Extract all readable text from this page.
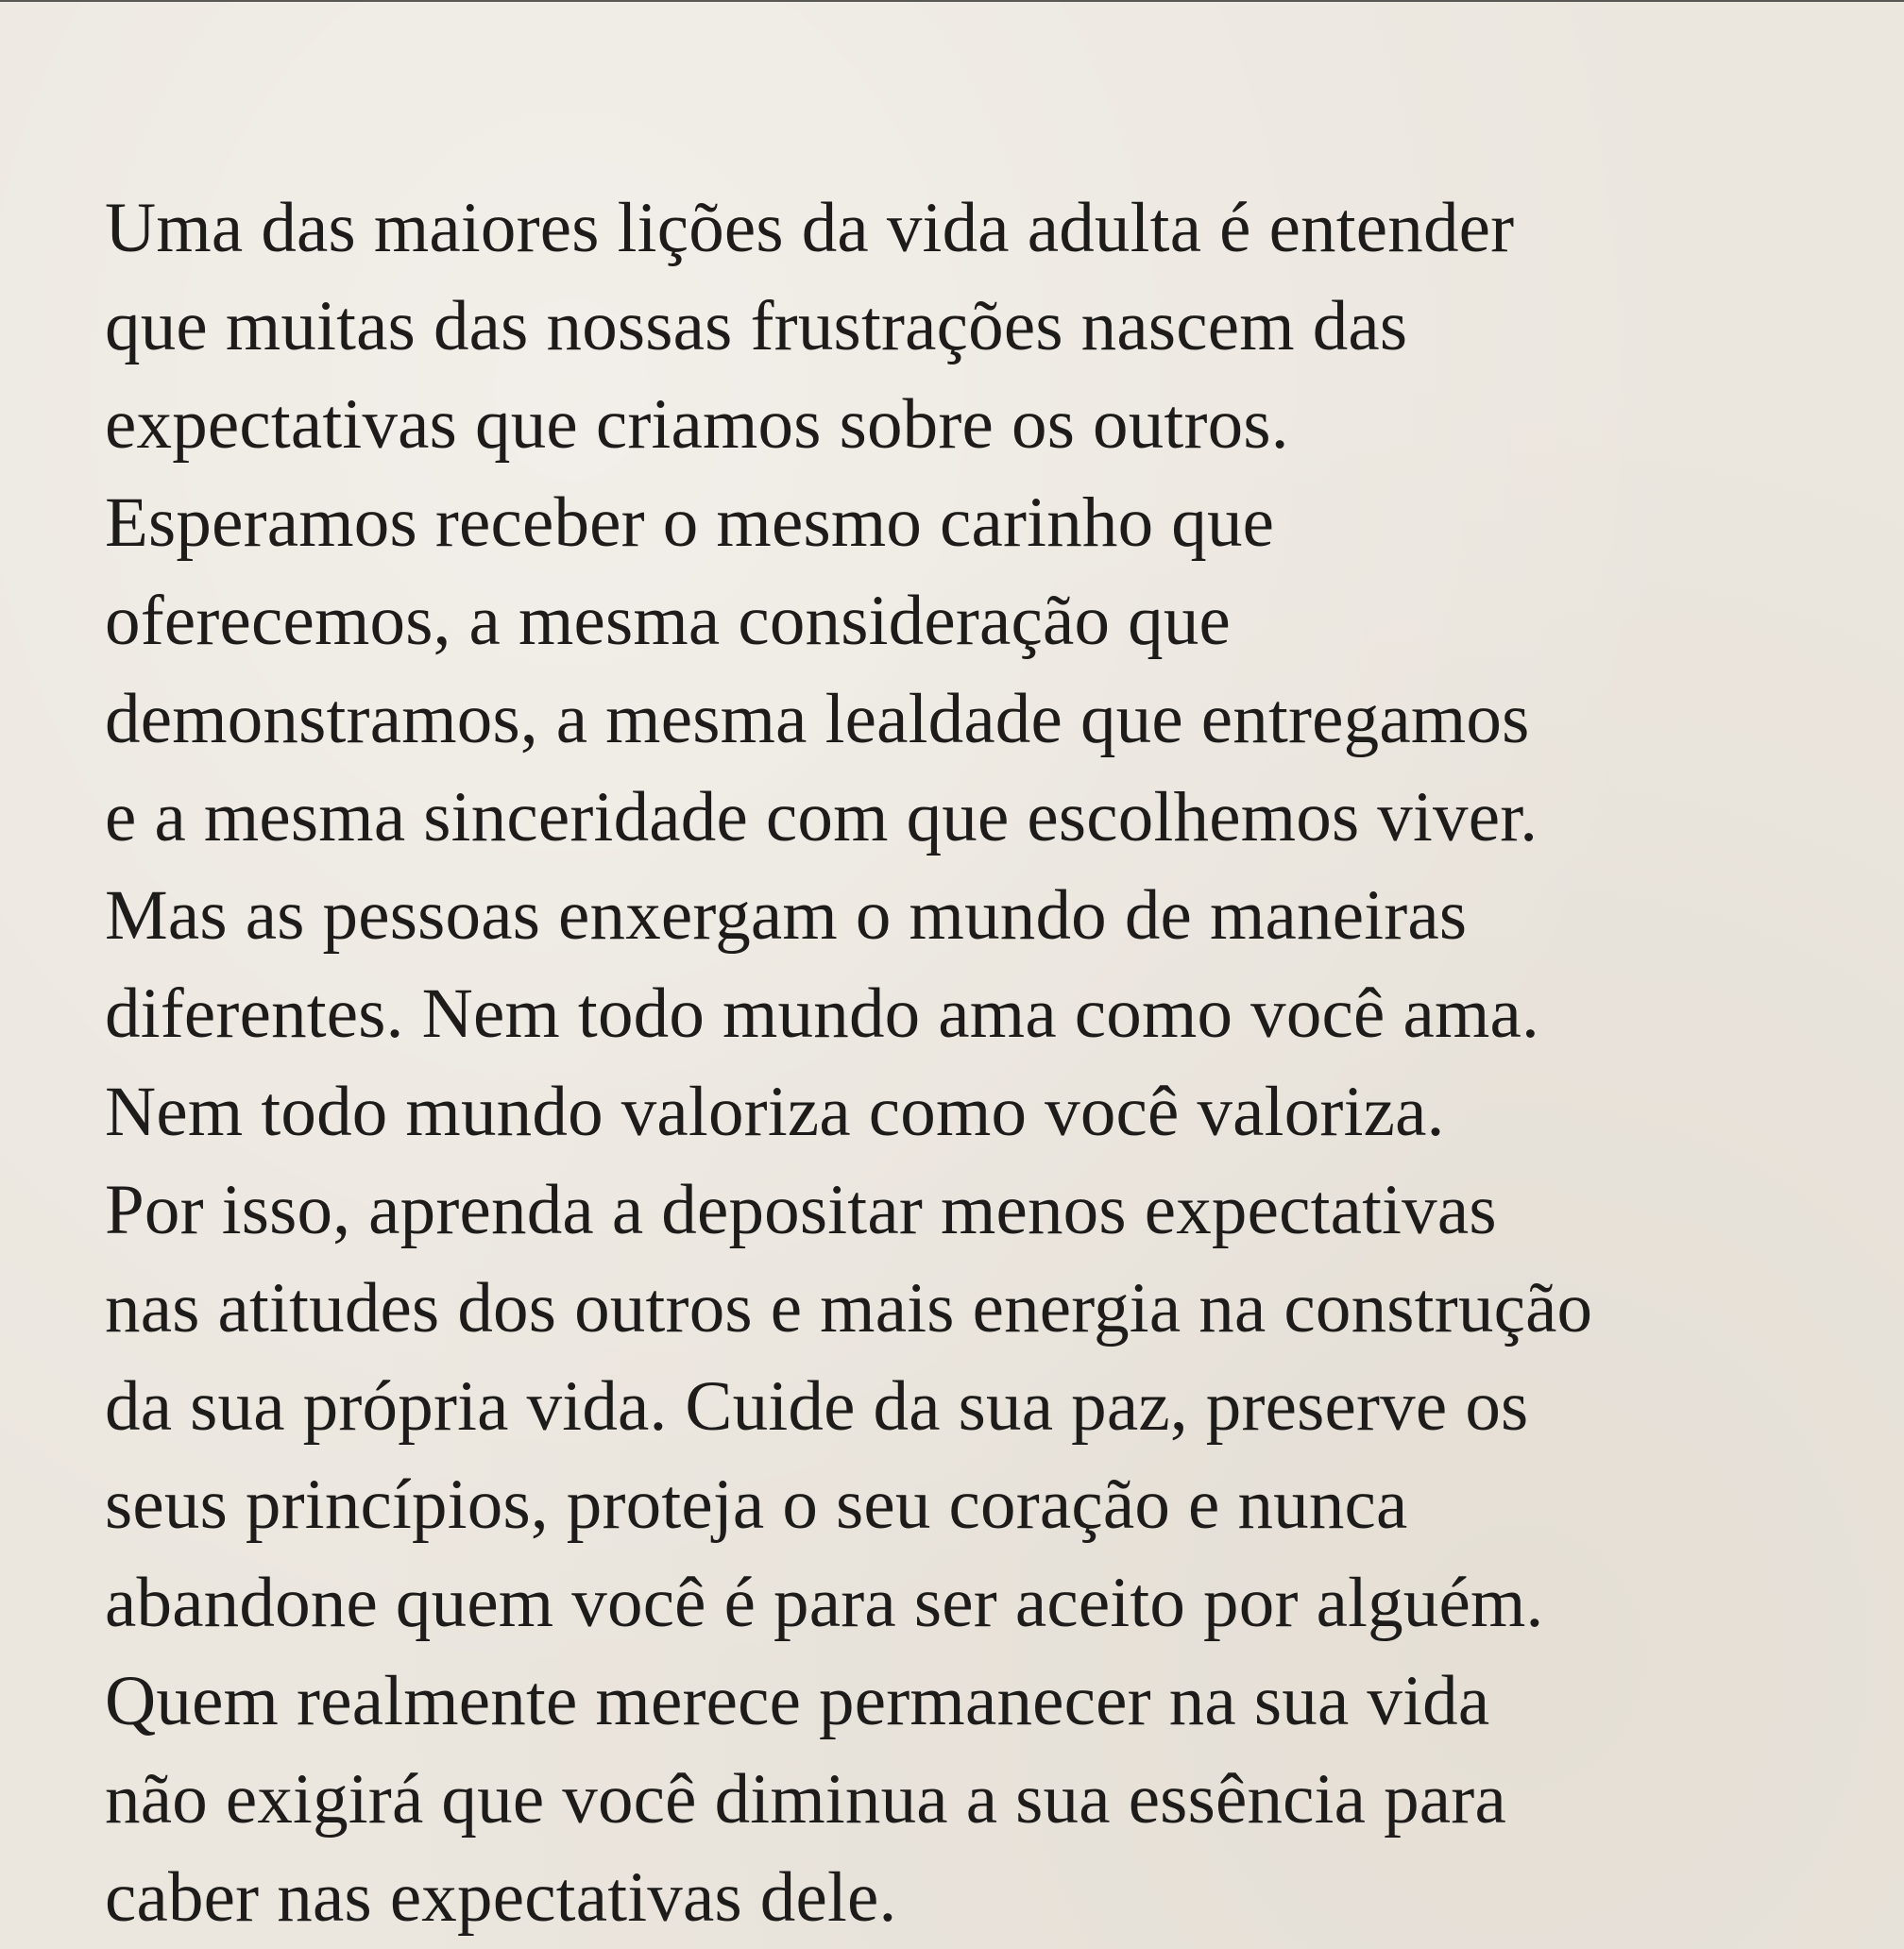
Uma das maiores lições da vida adulta é entender
que muitas das nossas frustrações nascem das
expectativas que criamos sobre os outros.
Esperamos receber o mesmo carinho que
oferecemos, a mesma consideração que
demonstramos, a mesma lealdade que entregamos
e a mesma sinceridade com que escolhemos viver.
Mas as pessoas enxergam o mundo de maneiras
diferentes. Nem todo mundo ama como você ama.
Nem todo mundo valoriza como você valoriza.
Por isso, aprenda a depositar menos expectativas
nas atitudes dos outros e mais energia na construção
da sua própria vida. Cuide da sua paz, preserve os
seus princípios, proteja o seu coração e nunca
abandone quem você é para ser aceito por alguém.
Quem realmente merece permanecer na sua vida
não exigirá que você diminua a sua essência para
caber nas expectativas dele.
